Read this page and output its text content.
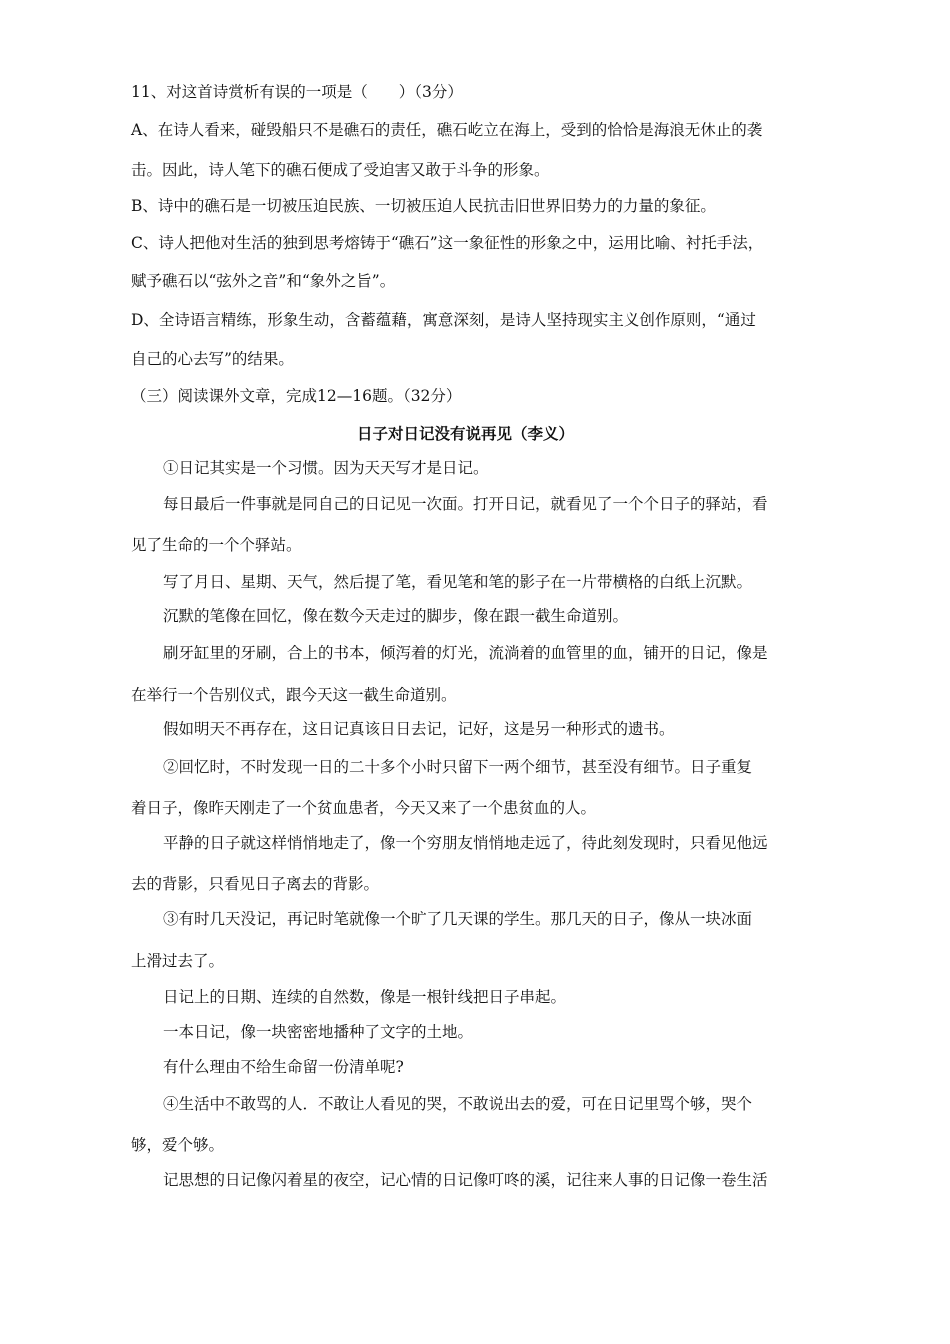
11、对这首诗赏析有误的一项是（　　）（3分）

A、在诗人看来，碰毁船只不是礁石的责任，礁石屹立在海上，受到的恰恰是海浪无休止的袭

击。因此，诗人笔下的礁石便成了受迫害又敢于斗争的形象。

B、诗中的礁石是一切被压迫民族、一切被压迫人民抗击旧世界旧势力的力量的象征。

C、诗人把他对生活的独到思考熔铸于“礁石”这一象征性的形象之中，运用比喻、衬托手法，

赋予礁石以“弦外之音”和“象外之旨”。

D、全诗语言精练，形象生动，含蓄蕴藉，寓意深刻，是诗人坚持现实主义创作原则，“通过

自己的心去写”的结果。

（三）阅读课外文章，完成12—16题。（32分）

日子对日记没有说再见（李义）

①日记其实是一个习惯。因为天天写才是日记。

每日最后一件事就是同自己的日记见一次面。打开日记，就看见了一个个日子的驿站，看

见了生命的一个个驿站。

写了月日、星期、天气，然后提了笔，看见笔和笔的影子在一片带横格的白纸上沉默。

沉默的笔像在回忆，像在数今天走过的脚步，像在跟一截生命道别。

刷牙缸里的牙刷，合上的书本，倾泻着的灯光，流淌着的血管里的血，铺开的日记，像是

在举行一个告别仪式，跟今天这一截生命道别。

假如明天不再存在，这日记真该日日去记，记好，这是另一种形式的遗书。

②回忆时，不时发现一日的二十多个小时只留下一两个细节，甚至没有细节。日子重复

着日子，像昨天刚走了一个贫血患者，今天又来了一个患贫血的人。

平静的日子就这样悄悄地走了，像一个穷朋友悄悄地走远了，待此刻发现时，只看见他远

去的背影，只看见日子离去的背影。

③有时几天没记，再记时笔就像一个旷了几天课的学生。那几天的日子，像从一块冰面

上滑过去了。

日记上的日期、连续的自然数，像是一根针线把日子串起。

一本日记，像一块密密地播种了文字的土地。

有什么理由不给生命留一份清单呢?

④生活中不敢骂的人．不敢让人看见的哭，不敢说出去的爱，可在日记里骂个够，哭个

够，爱个够。

记思想的日记像闪着星的夜空，记心情的日记像叮咚的溪，记往来人事的日记像一卷生活
